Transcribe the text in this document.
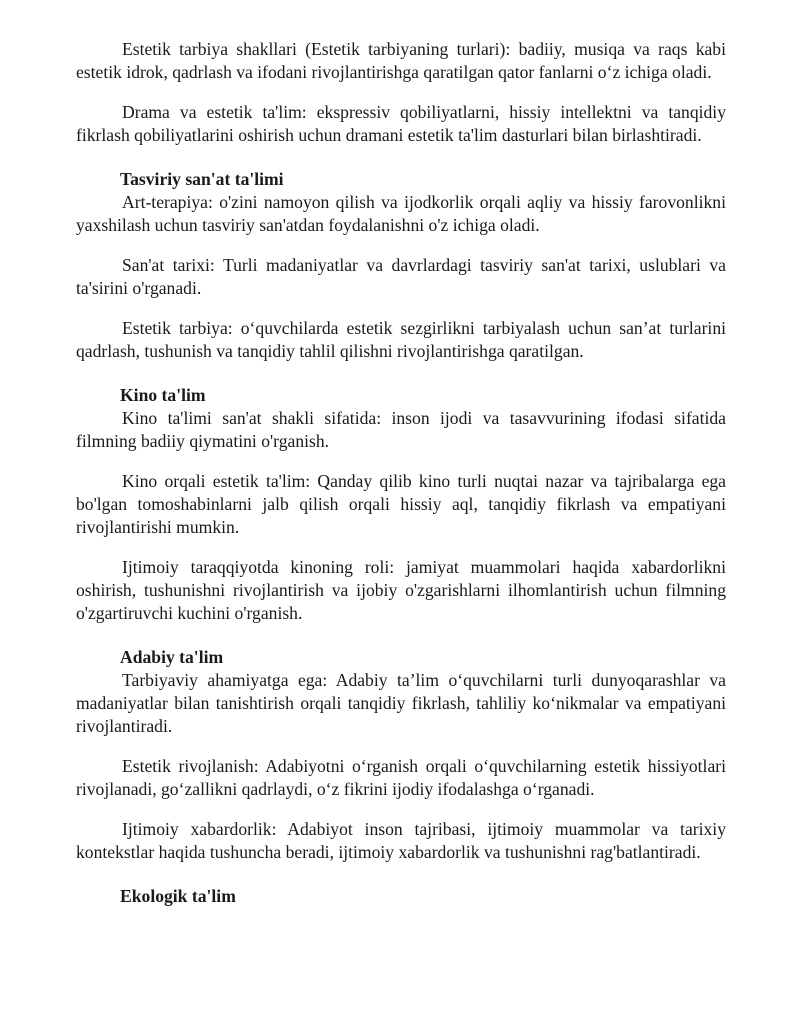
Estetik tarbiya shakllari (Estetik tarbiyaning turlari): badiiy, musiqa va raqs kabi estetik idrok, qadrlash va ifodani rivojlantirishga qaratilgan qator fanlarni o‘z ichiga oladi.

Drama va estetik ta'lim: ekspressiv qobiliyatlarni, hissiy intellektni va tanqidiy fikrlash qobiliyatlarini oshirish uchun dramani estetik ta'lim dasturlari bilan birlashtiradi.

Tasviriy san'at ta'limi

Art-terapiya: o'zini namoyon qilish va ijodkorlik orqali aqliy va hissiy farovonlikni yaxshilash uchun tasviriy san'atdan foydalanishni o'z ichiga oladi.

San'at tarixi: Turli madaniyatlar va davrlardagi tasviriy san'at tarixi, uslublari va ta'sirini o'rganadi.

Estetik tarbiya: o‘quvchilarda estetik sezgirlikni tarbiyalash uchun san’at turlarini qadrlash, tushunish va tanqidiy tahlil qilishni rivojlantirishga qaratilgan.

Kino ta'lim

Kino ta'limi san'at shakli sifatida: inson ijodi va tasavvurining ifodasi sifatida filmning badiiy qiymatini o'rganish.

Kino orqali estetik ta'lim: Qanday qilib kino turli nuqtai nazar va tajribalarga ega bo'lgan tomoshabinlarni jalb qilish orqali hissiy aql, tanqidiy fikrlash va empatiyani rivojlantirishi mumkin.

Ijtimoiy taraqqiyotda kinoning roli: jamiyat muammolari haqida xabardorlikni oshirish, tushunishni rivojlantirish va ijobiy o'zgarishlarni ilhomlantirish uchun filmning o'zgartiruvchi kuchini o'rganish.

Adabiy ta'lim

Tarbiyaviy ahamiyatga ega: Adabiy ta’lim o‘quvchilarni turli dunyoqarashlar va madaniyatlar bilan tanishtirish orqali tanqidiy fikrlash, tahliliy ko‘nikmalar va empatiyani rivojlantiradi.

Estetik rivojlanish: Adabiyotni o‘rganish orqali o‘quvchilarning estetik hissiyotlari rivojlanadi, go‘zallikni qadrlaydi, o‘z fikrini ijodiy ifodalashga o‘rganadi.

Ijtimoiy xabardorlik: Adabiyot inson tajribasi, ijtimoiy muammolar va tarixiy kontekstlar haqida tushuncha beradi, ijtimoiy xabardorlik va tushunishni rag'batlantiradi.

Ekologik ta'lim
